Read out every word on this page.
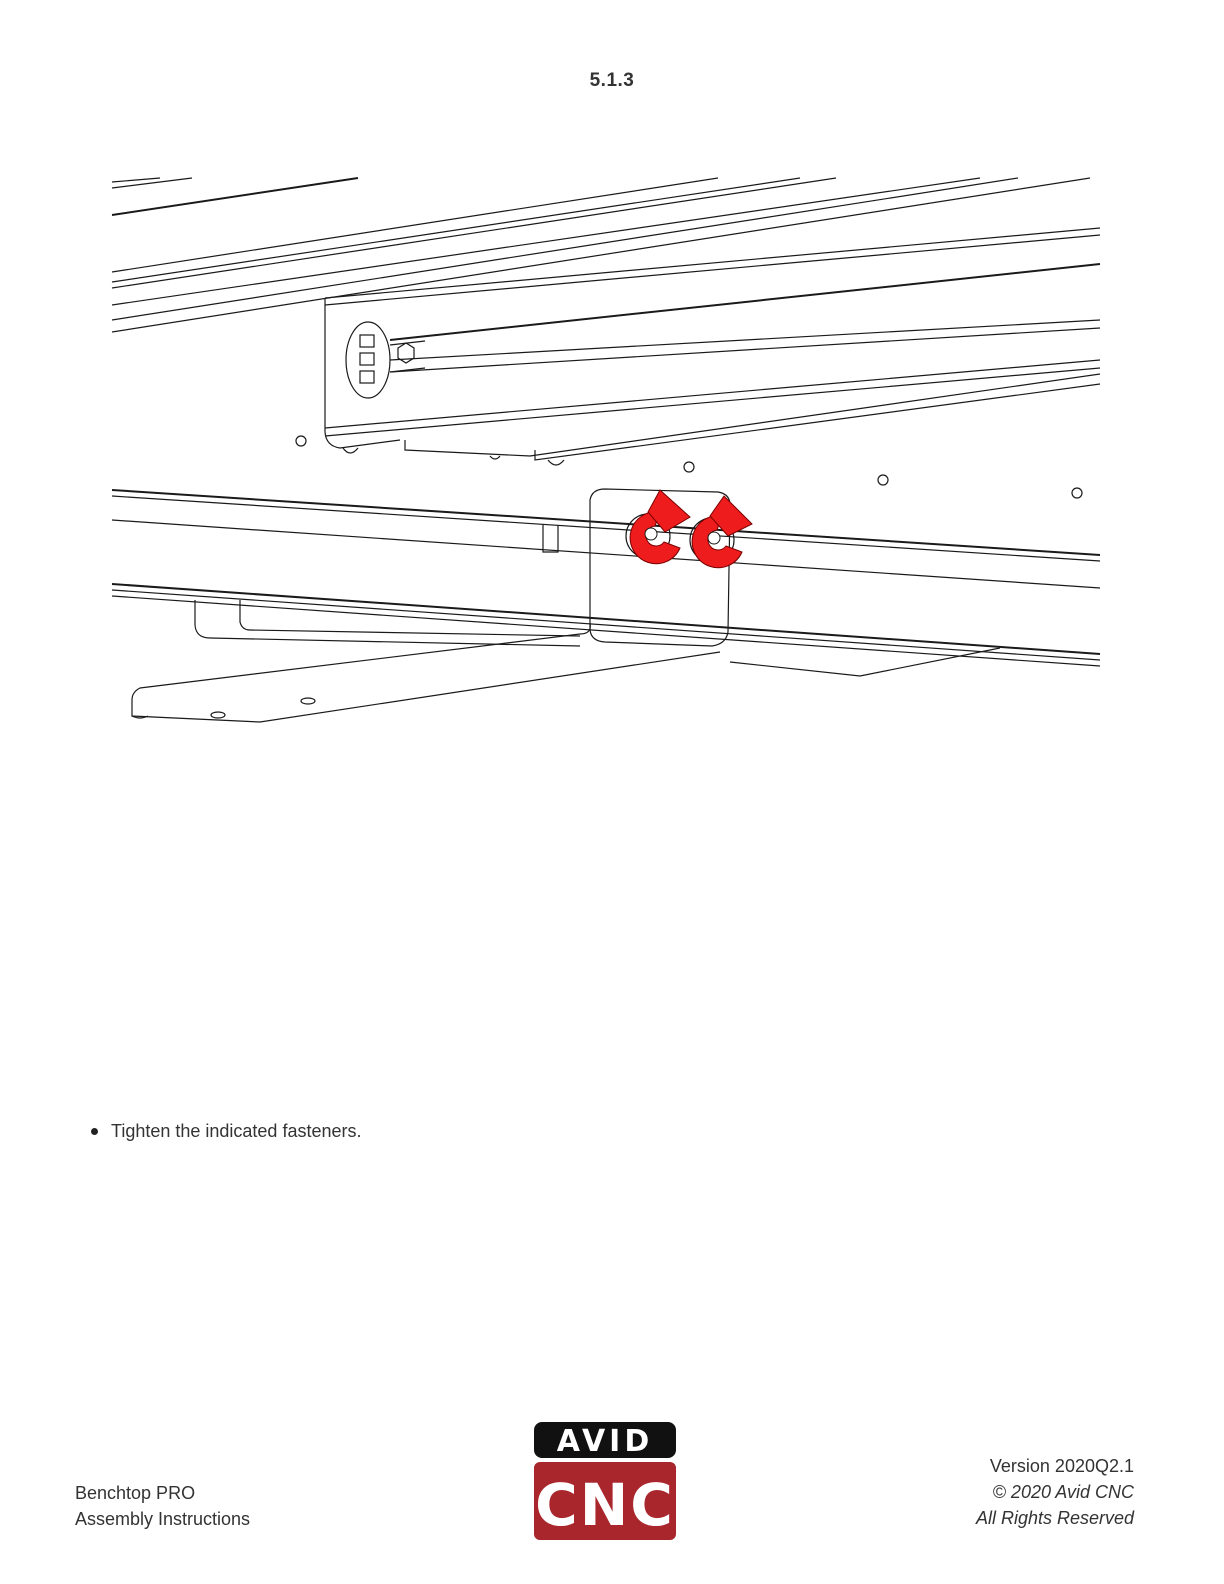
5.1.3
Tighten the indicated fasteners.
Benchtop PRO
Assembly Instructions
AVID
CNC
Version 2020Q2.1
© 2020 Avid CNC
All Rights Reserved
